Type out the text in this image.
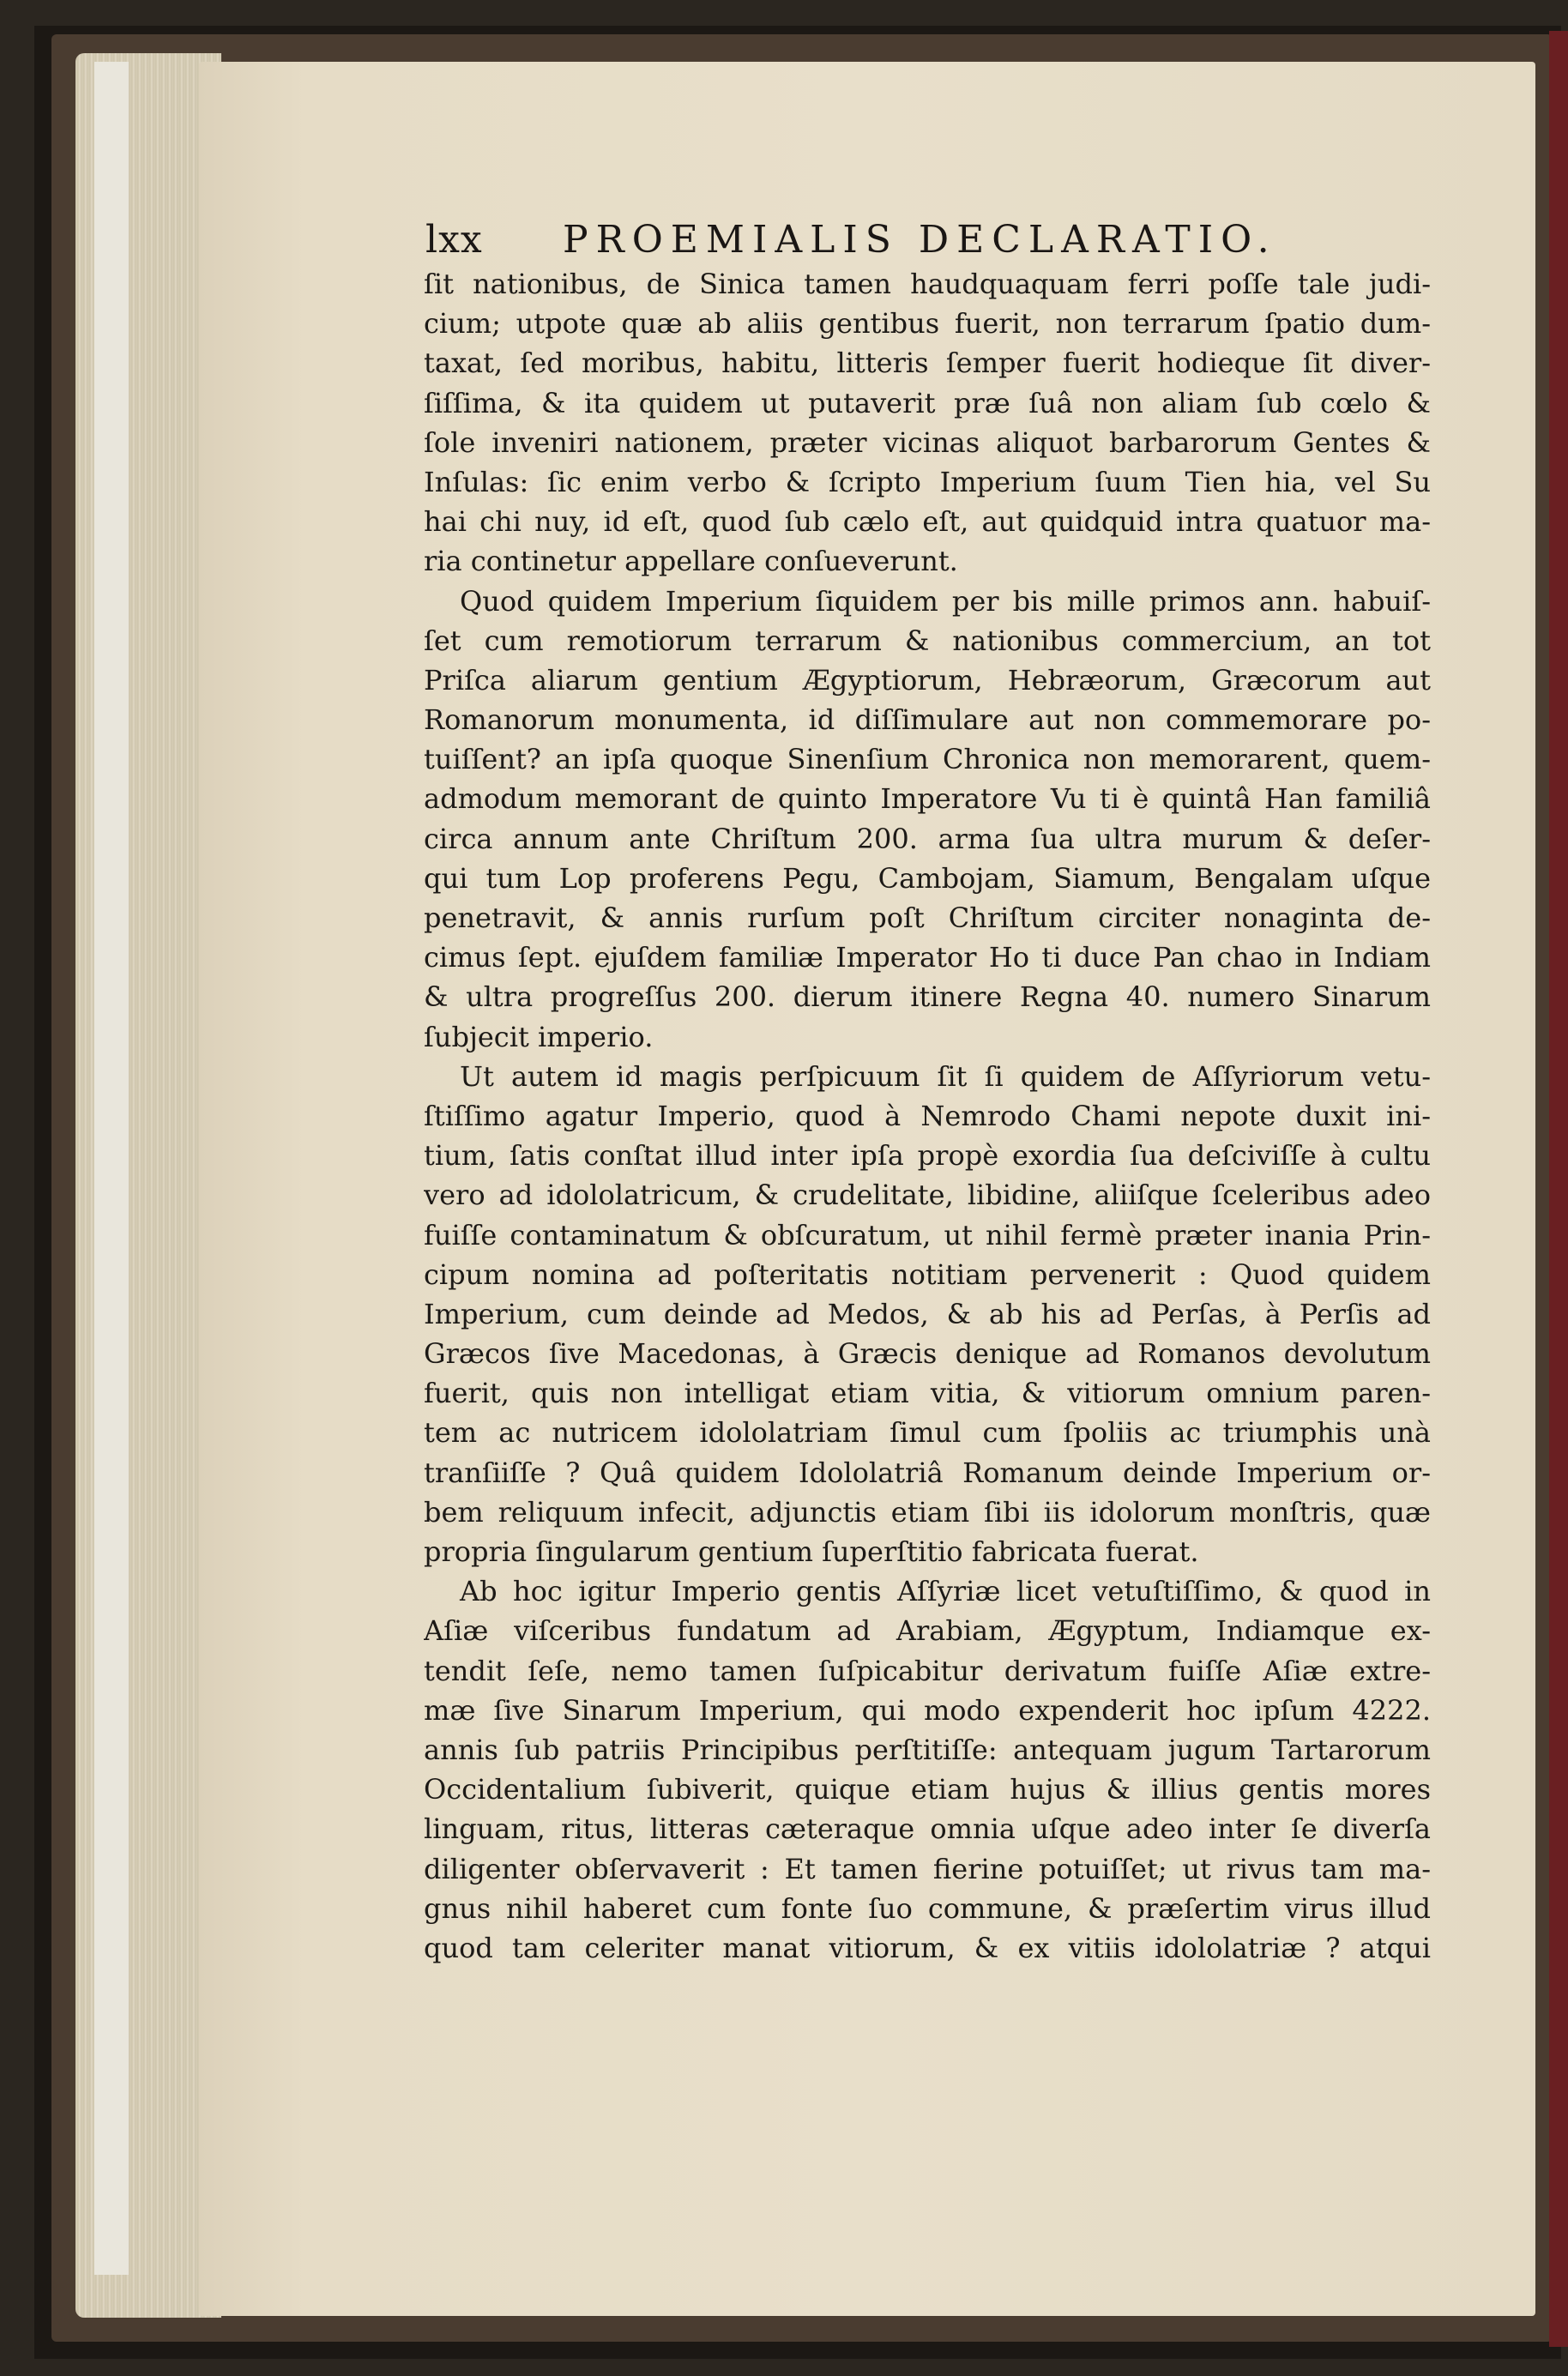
lxx PROEMIALIS DECLARATIO.
ſit nationibus, de Sinica tamen haudquaquam ferri poſſe tale judi-
cium; utpote quæ ab aliis gentibus fuerit, non terrarum ſpatio dum-
taxat, ſed moribus, habitu, litteris ſemper fuerit hodieque ſit diver-
ſiſſima, & ita quidem ut putaverit præ ſuâ non aliam ſub cœlo &
ſole inveniri nationem, præter vicinas aliquot barbarorum Gentes &
Inſulas: ſic enim verbo & ſcripto Imperium ſuum Tien hia, vel Su
hai chi nuy, id eſt, quod ſub cælo eſt, aut quidquid intra quatuor ma-
ria continetur appellare conſueverunt.
Quod quidem Imperium ſiquidem per bis mille primos ann. habuiſ-
ſet cum remotiorum terrarum & nationibus commercium, an tot
Priſca aliarum gentium Ægyptiorum, Hebræorum, Græcorum aut
Romanorum monumenta, id diſſimulare aut non commemorare po-
tuiſſent? an ipſa quoque Sinenſium Chronica non memorarent, quem-
admodum memorant de quinto Imperatore Vu ti è quintâ Han familiâ
circa annum ante Chriſtum 200. arma ſua ultra murum & deſer-
qui tum Lop proferens Pegu, Cambojam, Siamum, Bengalam uſque
penetravit, & annis rurſum poſt Chriſtum circiter nonaginta de-
cimus ſept. ejuſdem familiæ Imperator Ho ti duce Pan chao in Indiam
& ultra progreſſus 200. dierum itinere Regna 40. numero Sinarum
ſubjecit imperio.
Ut autem id magis perſpicuum ſit ſi quidem de Aſſyriorum vetu-
ſtiſſimo agatur Imperio, quod à Nemrodo Chami nepote duxit ini-
tium, ſatis conſtat illud inter ipſa propè exordia ſua deſciviſſe à cultu
vero ad idololatricum, & crudelitate, libidine, aliiſque ſceleribus adeo
fuiſſe contaminatum & obſcuratum, ut nihil fermè præter inania Prin-
cipum nomina ad poſteritatis notitiam pervenerit : Quod quidem
Imperium, cum deinde ad Medos, & ab his ad Perſas, à Perſis ad
Græcos ſive Macedonas, à Græcis denique ad Romanos devolutum
fuerit, quis non intelligat etiam vitia, & vitiorum omnium paren-
tem ac nutricem idololatriam ſimul cum ſpoliis ac triumphis unà
tranſiiſſe ? Quâ quidem Idololatriâ Romanum deinde Imperium or-
bem reliquum infecit, adjunctis etiam ſibi iis idolorum monſtris, quæ
propria ſingularum gentium ſuperſtitio fabricata fuerat.
Ab hoc igitur Imperio gentis Aſſyriæ licet vetuſtiſſimo, & quod in
Aſiæ viſceribus fundatum ad Arabiam, Ægyptum, Indiamque ex-
tendit ſeſe, nemo tamen ſuſpicabitur derivatum fuiſſe Aſiæ extre-
mæ ſive Sinarum Imperium, qui modo expenderit hoc ipſum 4222.
annis ſub patriis Principibus perſtitiſſe: antequam jugum Tartarorum
Occidentalium ſubiverit, quique etiam hujus & illius gentis mores
linguam, ritus, litteras cæteraque omnia uſque adeo inter ſe diverſa
diligenter obſervaverit : Et tamen fierine potuiſſet; ut rivus tam ma-
gnus nihil haberet cum fonte ſuo commune, & præſertim virus illud
quod tam celeriter manat vitiorum, & ex vitiis idololatriæ ? atqui
